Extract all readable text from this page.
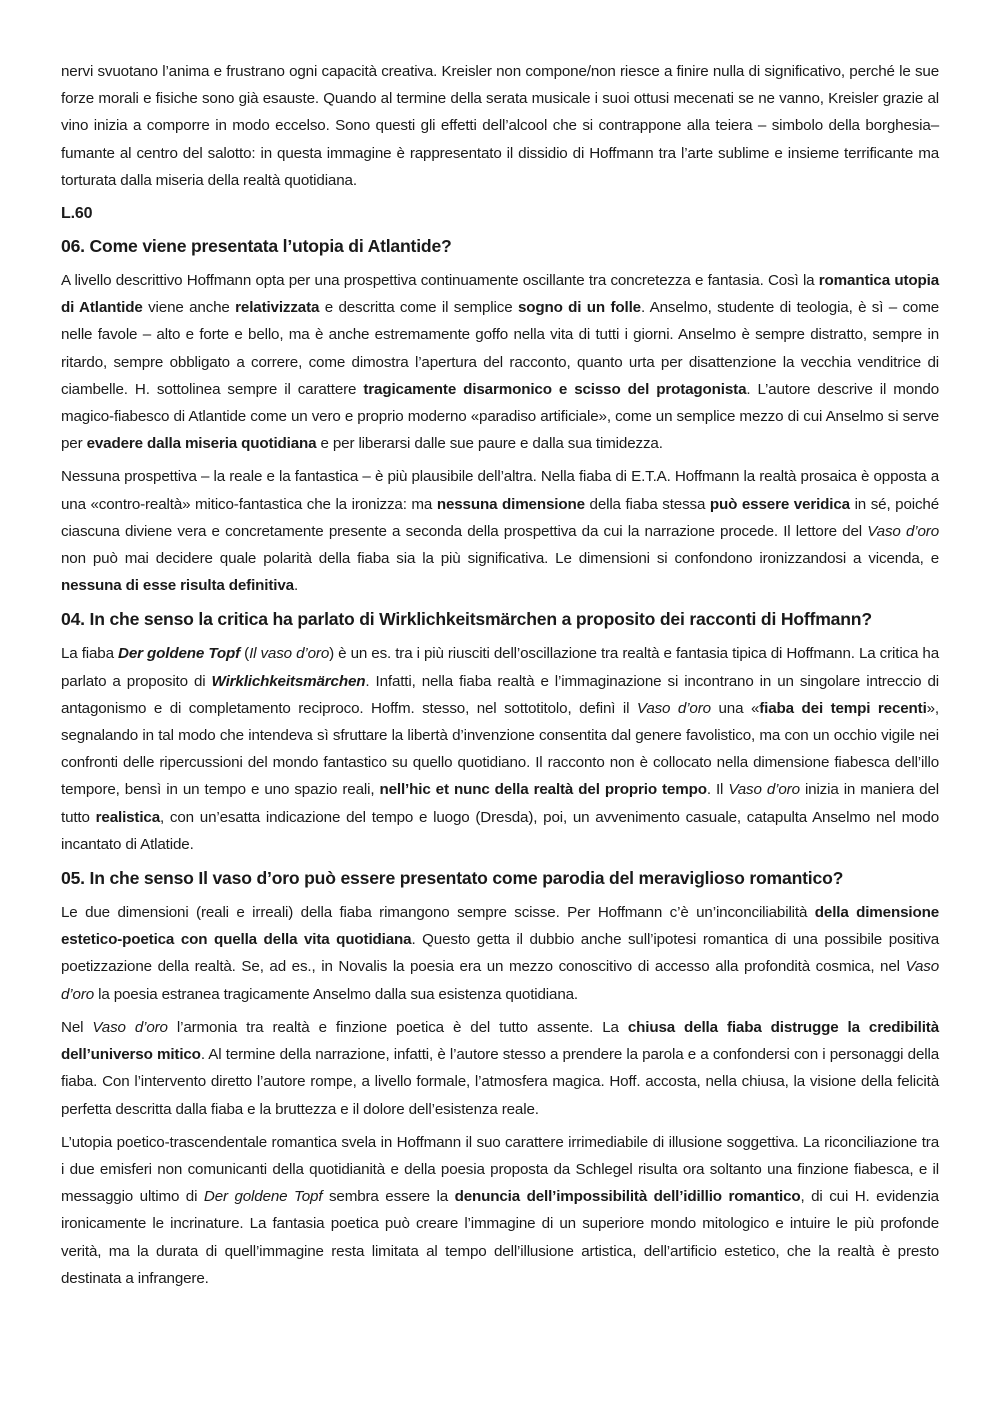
nervi svuotano l’anima e frustrano ogni capacità creativa. Kreisler non compone/non riesce a finire nulla di significativo, perché le sue forze morali e fisiche sono già esauste. Quando al termine della serata musicale i suoi ottusi mecenati se ne vanno, Kreisler grazie al vino inizia a comporre in modo eccelso. Sono questi gli effetti dell’alcool che si contrappone alla teiera – simbolo della borghesia– fumante al centro del salotto: in questa immagine è rappresentato il dissidio di Hoffmann tra l’arte sublime e insieme terrificante ma torturata dalla miseria della realtà quotidiana.

L.60
06. Come viene presentata l’utopia di Atlantide?

A livello descrittivo Hoffmann opta per una prospettiva continuamente oscillante tra concretezza e fantasia. Così la romantica utopia di Atlantide viene anche relativizzata e descritta come il semplice sogno di un folle. Anselmo, studente di teologia, è sì – come nelle favole – alto e forte e bello, ma è anche estremamente goffo nella vita di tutti i giorni. Anselmo è sempre distratto, sempre in ritardo, sempre obbligato a correre, come dimostra l’apertura del racconto, quanto urta per disattenzione la vecchia venditrice di ciambelle. H. sottolinea sempre il carattere tragicamente disarmonico e scisso del protagonista. L’autore descrive il mondo magico-fiabesco di Atlantide come un vero e proprio moderno «paradiso artificiale», come un semplice mezzo di cui Anselmo si serve per evadere dalla miseria quotidiana e per liberarsi dalle sue paure e dalla sua timidezza.

Nessuna prospettiva – la reale e la fantastica – è più plausibile dell’altra. Nella fiaba di E.T.A. Hoffmann la realtà prosaica è opposta a una «contro-realtà» mitico-fantastica che la ironizza: ma nessuna dimensione della fiaba stessa può essere veridica in sé, poiché ciascuna diviene vera e concretamente presente a seconda della prospettiva da cui la narrazione procede. Il lettore del Vaso d’oro non può mai decidere quale polarità della fiaba sia la più significativa. Le dimensioni si confondono ironizzandosi a vicenda, e nessuna di esse risulta definitiva.

04. In che senso la critica ha parlato di Wirklichkeitsmärchen a proposito dei racconti di Hoffmann?

La fiaba Der goldene Topf (Il vaso d’oro) è un es. tra i più riusciti dell’oscillazione tra realtà e fantasia tipica di Hoffmann. La critica ha parlato a proposito di Wirklichkeitsmärchen. Infatti, nella fiaba realtà e l’immaginazione si incontrano in un singolare intreccio di antagonismo e di completamento reciproco. Hoffm. stesso, nel sottotitolo, definì il Vaso d’oro una «fiaba dei tempi recenti», segnalando in tal modo che intendeva sì sfruttare la libertà d’invenzione consentita dal genere favolistico, ma con un occhio vigile nei confronti delle ripercussioni del mondo fantastico su quello quotidiano. Il racconto non è collocato nella dimensione fiabesca dell’illo tempore, bensì in un tempo e uno spazio reali, nell’hic et nunc della realtà del proprio tempo. Il Vaso d’oro inizia in maniera del tutto realistica, con un’esatta indicazione del tempo e luogo (Dresda), poi, un avvenimento casuale, catapulta Anselmo nel modo incantato di Atlatide.

05. In che senso Il vaso d’oro può essere presentato come parodia del meraviglioso romantico?

Le due dimensioni (reali e irreali) della fiaba rimangono sempre scisse. Per Hoffmann c’è un’inconciliabilità della dimensione estetico-poetica con quella della vita quotidiana. Questo getta il dubbio anche sull’ipotesi romantica di una possibile positiva poetizzazione della realtà. Se, ad es., in Novalis la poesia era un mezzo conoscitivo di accesso alla profondità cosmica, nel Vaso d’oro la poesia estranea tragicamente Anselmo dalla sua esistenza quotidiana.

Nel Vaso d’oro l’armonia tra realtà e finzione poetica è del tutto assente. La chiusa della fiaba distrugge la credibilità dell’universo mitico. Al termine della narrazione, infatti, è l’autore stesso a prendere la parola e a confondersi con i personaggi della fiaba. Con l’intervento diretto l’autore rompe, a livello formale, l’atmosfera magica. Hoff. accosta, nella chiusa, la visione della felicità perfetta descritta dalla fiaba e la bruttezza e il dolore dell’esistenza reale.

L’utopia poetico-trascendentale romantica svela in Hoffmann il suo carattere irrimediabile di illusione soggettiva. La riconciliazione tra i due emisferi non comunicanti della quotidianità e della poesia proposta da Schlegel risulta ora soltanto una finzione fiabesca, e il messaggio ultimo di Der goldene Topf sembra essere la denuncia dell’impossibilità dell’idillio romantico, di cui H. evidenzia ironicamente le incrinature. La fantasia poetica può creare l’immagine di un superiore mondo mitologico e intuire le più profonde verità, ma la durata di quell’immagine resta limitata al tempo dell’illusione artistica, dell’artificio estetico, che la realtà è presto destinata a infrangere.
